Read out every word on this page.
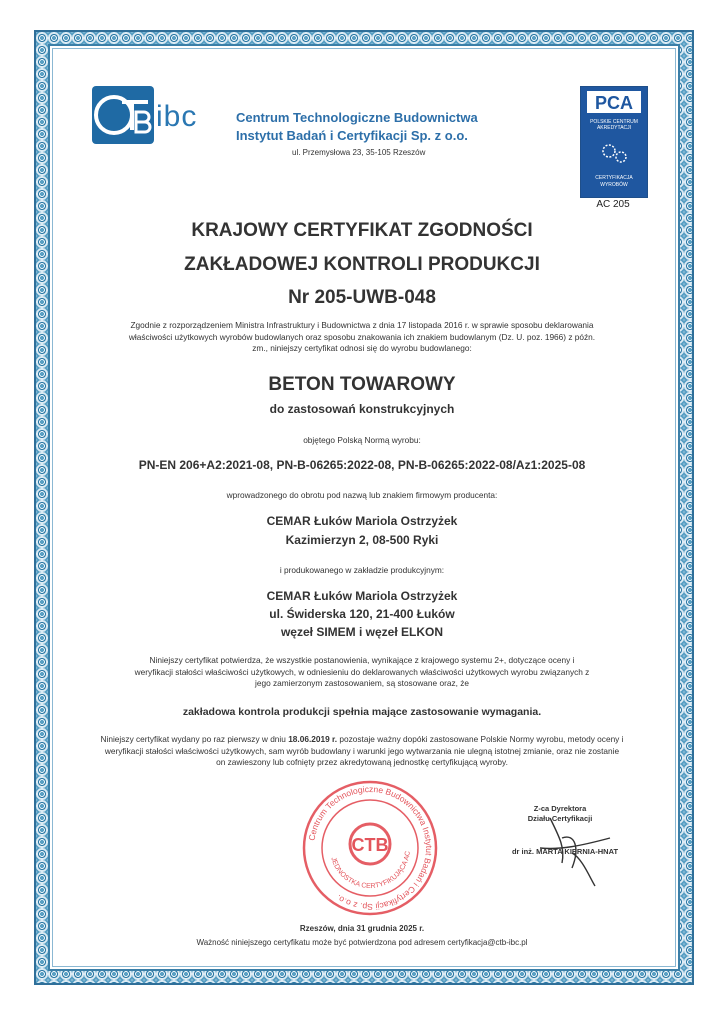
ibc	Centrum Technologiczne Budownictwa
Instytut Badań i Certyfikacji Sp. z o.o.
ul. Przemysłowa 23, 35-105 Rzeszów
PCA
POLSKIE CENTRUM
AKREDYTACJI
CERTYFIKACJA
WYROBÓW
AC 205
KRAJOWY CERTYFIKAT ZGODNOŚCI
ZAKŁADOWEJ KONTROLI PRODUKCJI
Nr 205-UWB-048
Zgodnie z rozporządzeniem Ministra Infrastruktury i Budownictwa z dnia 17 listopada 2016 r. w sprawie sposobu deklarowania właściwości użytkowych wyrobów budowlanych oraz sposobu znakowania ich znakiem budowlanym (Dz. U. poz. 1966) z późn. zm., niniejszy certyfikat odnosi się do wyrobu budowlanego:
BETON TOWAROWY
do zastosowań konstrukcyjnych
objętego Polską Normą wyrobu:
PN-EN 206+A2:2021-08, PN-B-06265:2022-08, PN-B-06265:2022-08/Az1:2025-08
wprowadzonego do obrotu pod nazwą lub znakiem firmowym producenta:
CEMAR Łuków Mariola Ostrzyżek
Kazimierzyn 2, 08-500 Ryki
i produkowanego w zakładzie produkcyjnym:
CEMAR Łuków Mariola Ostrzyżek
ul. Świderska 120, 21-400 Łuków
węzeł SIMEM i węzeł ELKON
Niniejszy certyfikat potwierdza, że wszystkie postanowienia, wynikające z krajowego systemu 2+, dotyczące oceny i weryfikacji stałości właściwości użytkowych, w odniesieniu do deklarowanych właściwości użytkowych wyrobu związanych z jego zamierzonym zastosowaniem, są stosowane oraz, że
zakładowa kontrola produkcji spełnia mające zastosowanie wymagania.
Niniejszy certyfikat wydany po raz pierwszy w dniu 18.06.2019 r. pozostaje ważny dopóki zastosowane Polskie Normy wyrobu, metody oceny i weryfikacji stałości właściwości użytkowych, sam wyrób budowlany i warunki jego wytwarzania nie ulegną istotnej zmianie, oraz nie zostanie on zawieszony lub cofnięty przez akredytowaną jednostkę certyfikującą wyroby.
Centrum Technologiczne Budownictwa Instytut Badań i Certyfikacji Sp. z o.o.
JEDNOSTKA CERTYFIKUJĄCA AC
CTB
Z-ca Dyrektora
Działu Certyfikacji
dr inż. MARTA KIERNIA-HNAT
Rzeszów, dnia 31 grudnia 2025 r.
Ważność niniejszego certyfikatu może być potwierdzona pod adresem certyfikacja@ctb-ibc.pl
